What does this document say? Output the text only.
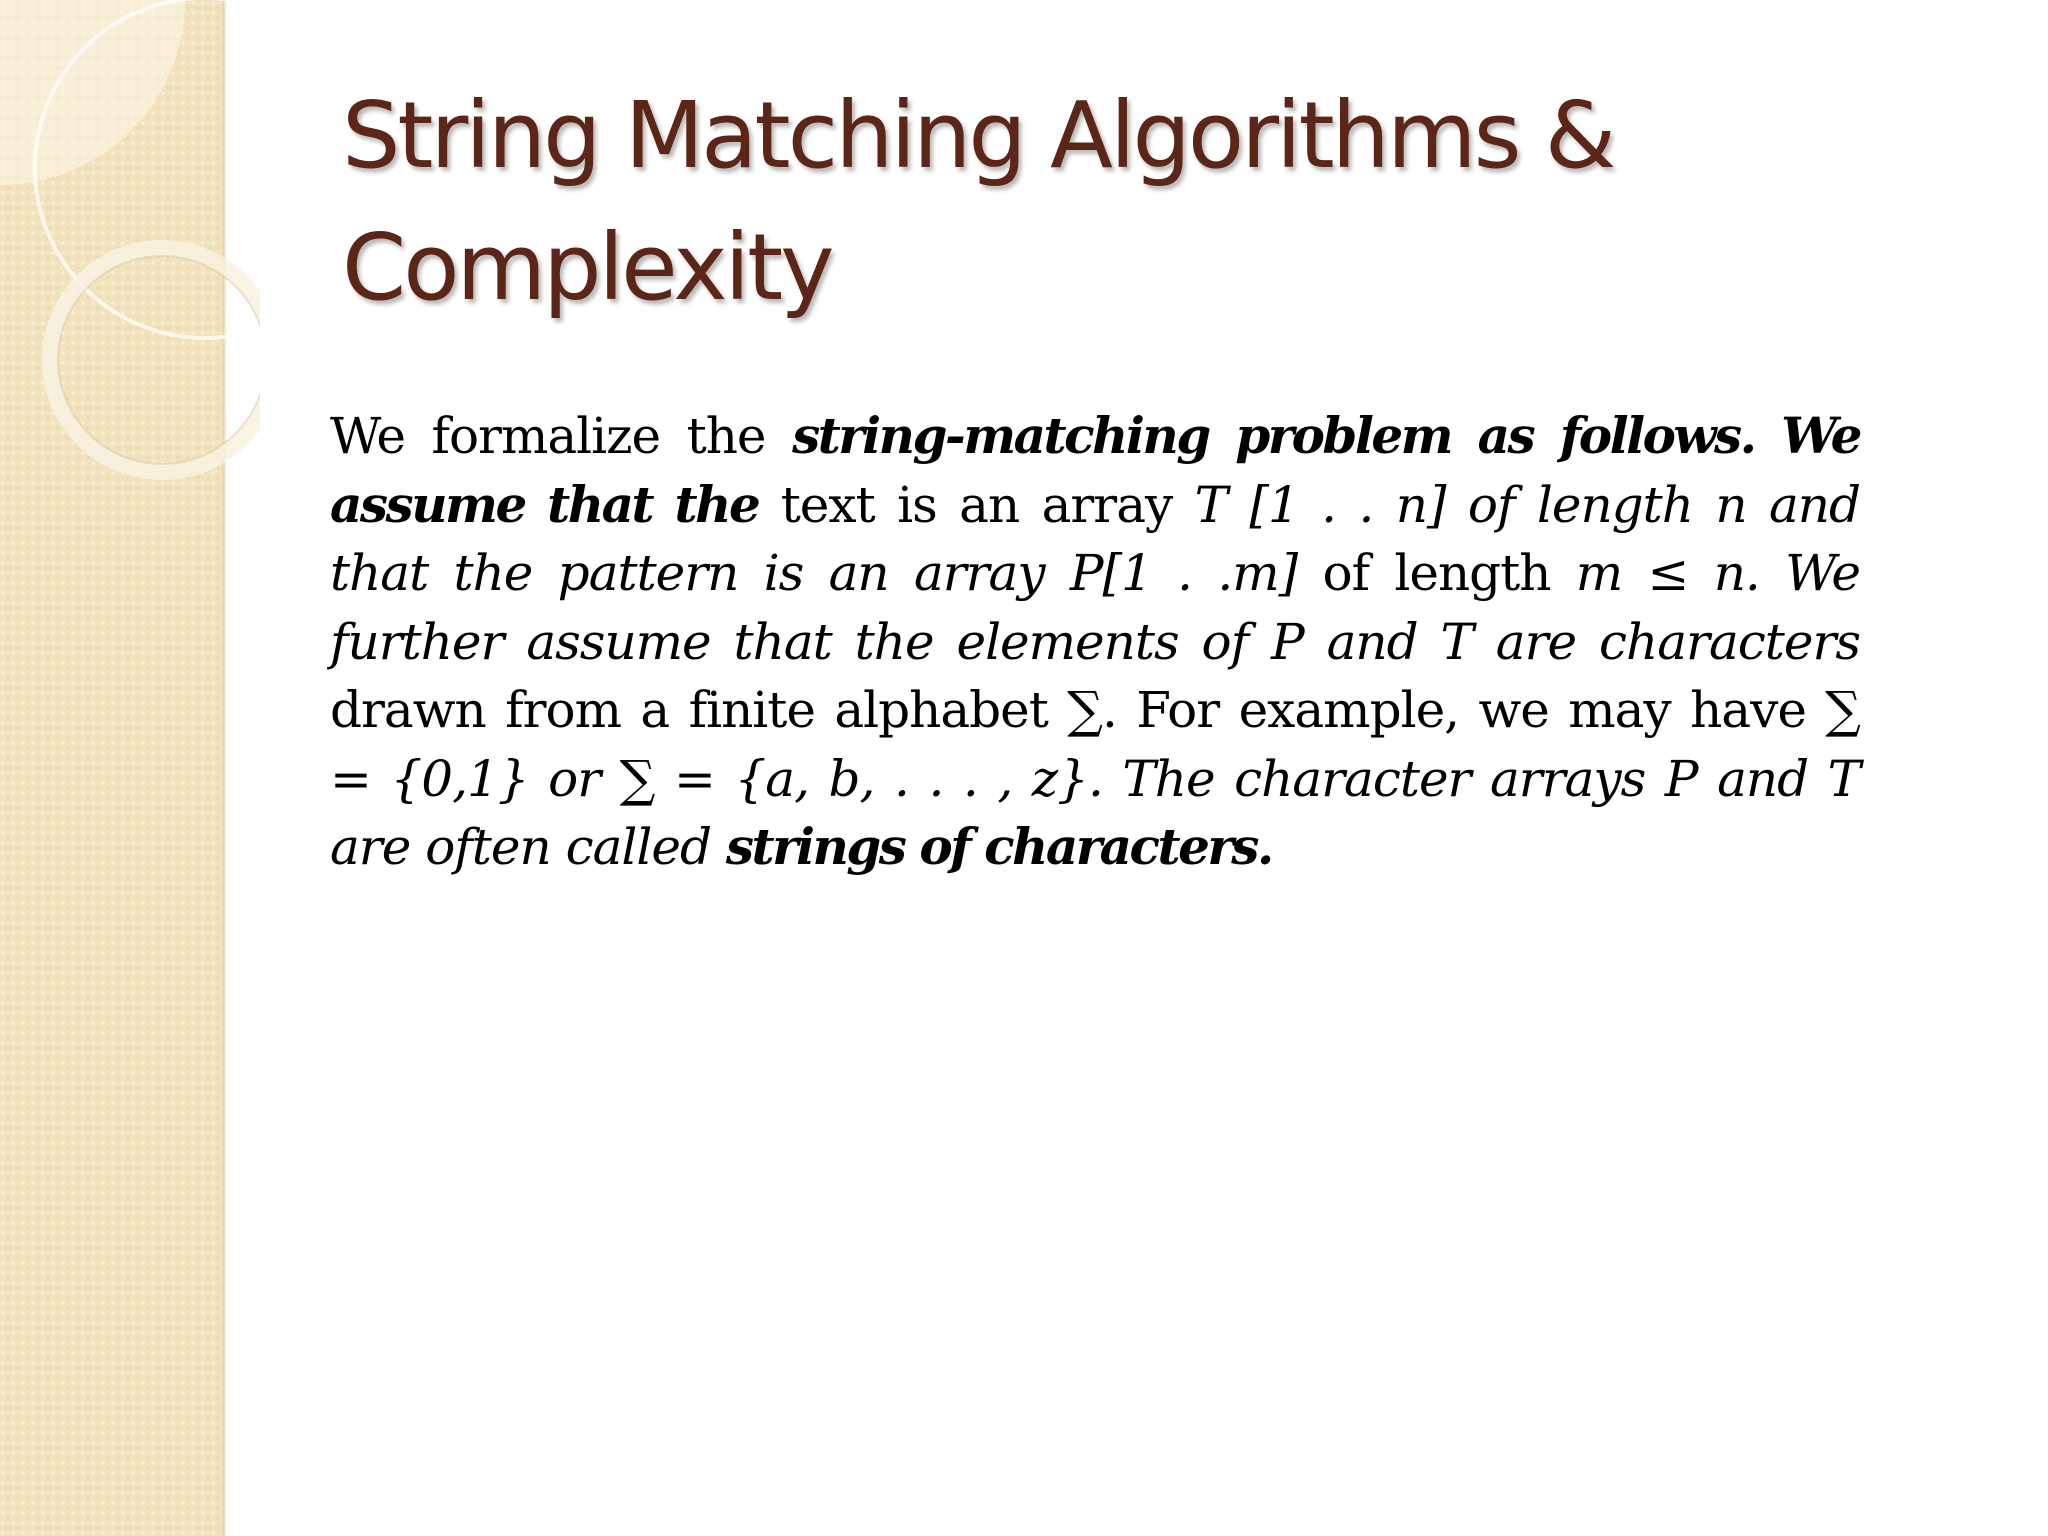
String Matching Algorithms &
Complexity

We formalize the string-matching problem as follows. We assume that the text is an array T [1 . . n] of length n and that the pattern is an array P[1 . .m] of length m ≤ n. We further assume that the elements of P and T are characters drawn from a finite alphabet ∑. For example, we may have ∑ = {0,1} or ∑ = {a, b, . . . , z}. The character arrays P and T are often called strings of characters.
